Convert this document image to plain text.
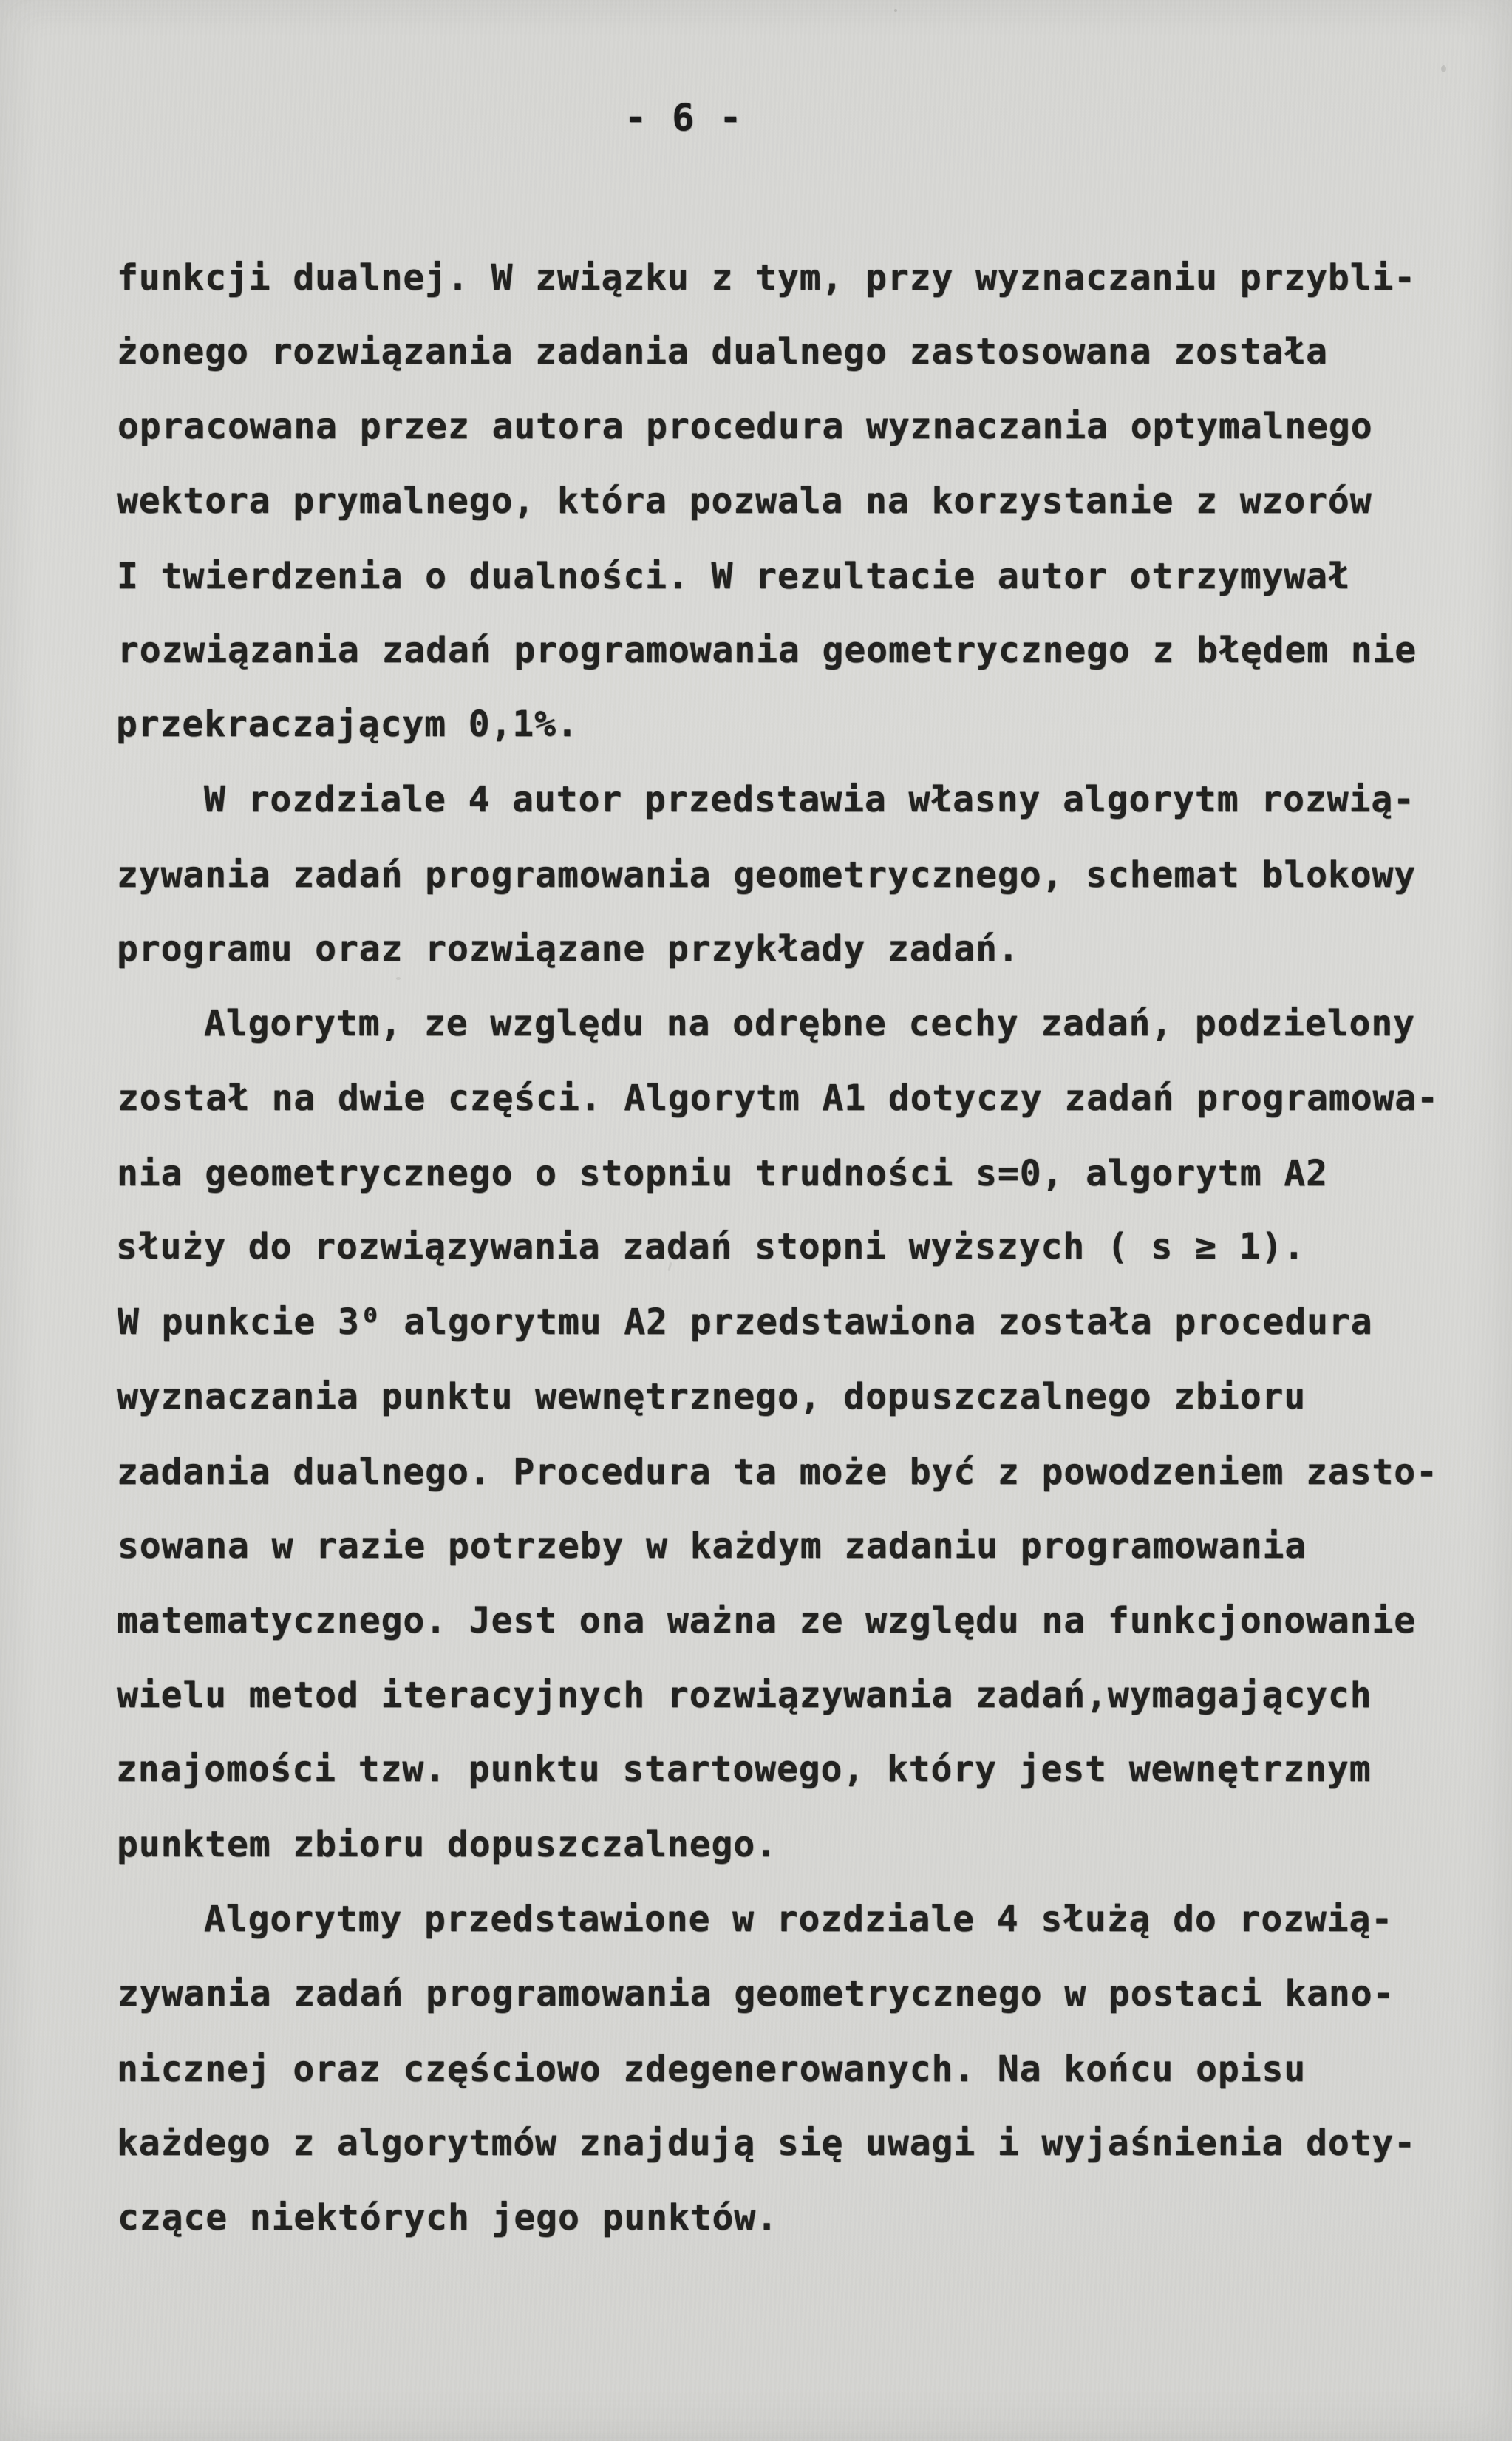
- 6 -
funkcji dualnej. W związku z tym, przy wyznaczaniu przybli-
żonego rozwiązania zadania dualnego zastosowana została
opracowana przez autora procedura wyznaczania optymalnego
wektora prymalnego, która pozwala na korzystanie z wzorów
I twierdzenia o dualności. W rezultacie autor otrzymywał
rozwiązania zadań programowania geometrycznego z błędem nie
przekraczającym 0,1%.
W rozdziale 4 autor przedstawia własny algorytm rozwią-
zywania zadań programowania geometrycznego, schemat blokowy
programu oraz rozwiązane przykłady zadań.
Algorytm, ze względu na odrębne cechy zadań, podzielony
został na dwie części. Algorytm A1 dotyczy zadań programowa-
nia geometrycznego o stopniu trudności s=0, algorytm A2
służy do rozwiązywania zadań stopni wyższych ( s ≥ 1).
W punkcie 3⁰ algorytmu A2 przedstawiona została procedura
wyznaczania punktu wewnętrznego, dopuszczalnego zbioru
zadania dualnego. Procedura ta może być z powodzeniem zasto-
sowana w razie potrzeby w każdym zadaniu programowania
matematycznego. Jest ona ważna ze względu na funkcjonowanie
wielu metod iteracyjnych rozwiązywania zadań,wymagających
znajomości tzw. punktu startowego, który jest wewnętrznym
punktem zbioru dopuszczalnego.
Algorytmy przedstawione w rozdziale 4 służą do rozwią-
zywania zadań programowania geometrycznego w postaci kano-
nicznej oraz częściowo zdegenerowanych. Na końcu opisu
każdego z algorytmów znajdują się uwagi i wyjaśnienia doty-
czące niektórych jego punktów.
